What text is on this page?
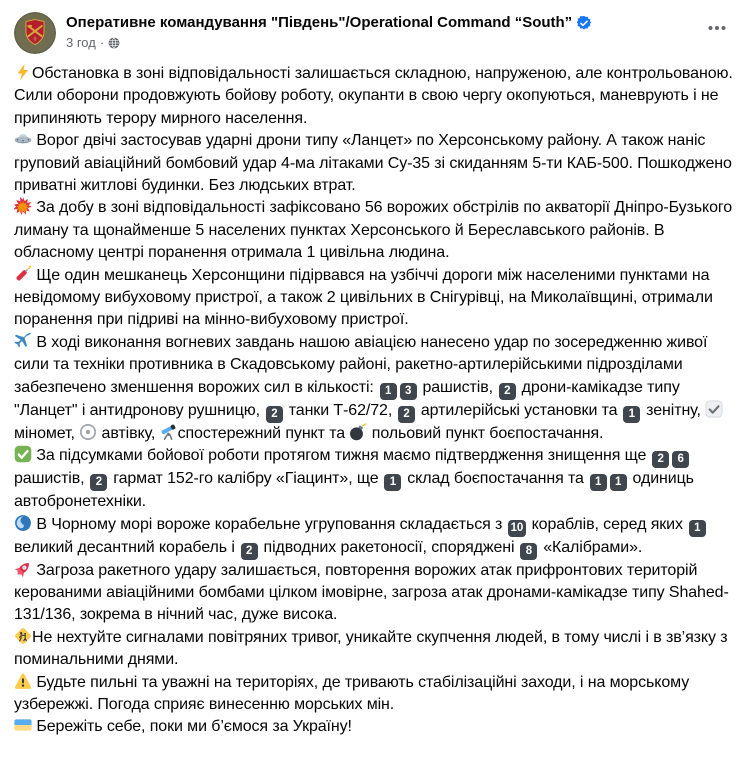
Оперативне командування "Південь"/Operational Command “South”
3 год ·

Обстановка в зоні відповідальності залишається складною, напруженою, але контрольованою. Сили оборони продовжують бойову роботу, окупанти в свою чергу окопуються, маневрують і не припиняють терору мирного населення.

Ворог двічі застосував ударні дрони типу «Ланцет» по Херсонському району. А також наніс груповий авіаційний бомбовий удар 4-ма літаками Су-35 зі скиданням 5-ти КАБ-500. Пошкоджено приватні житлові будинки. Без людських втрат.

За добу в зоні відповідальності зафіксовано 56 ворожих обстрілів по акваторії Дніпро-Бузького лиману та щонайменше 5 населених пунктах Херсонського й Береславського районів. В обласному центрі поранення отримала 1 цивільна людина.

Ще один мешканець Херсонщини підірвався на узбіччі дороги між населеними пунктами на невідомому вибуховому пристрої, а також 2 цивільних в Снігурівці, на Миколаївщині, отримали поранення при підриві на мінно-вибуховому пристрої.

В ході виконання вогневих завдань нашою авіацією нанесено удар по зосередженню живої сили та техніки противника в Скадовському районі, ракетно-артилерійськими підрозділами забезпечено зменшення ворожих сил в кількості: 1 3 рашистів, 2 дрони-камікадзе типу "Ланцет" і антидронову рушницю, 2 танки Т-62/72, 2 артилерійські установки та 1 зенітну,
міномет,
автівку,
спостережний пункт та
польовий пункт боєпостачання.

За підсумками бойової роботи протягом тижня маємо підтвердження знищення ще 2 6 рашистів, 2 гармат 152-го калібру «Гіацинт», ще 1 склад боєпостачання та 1 1 одиниць автобронетехніки.

В Чорному морі вороже корабельне угруповання складається з 10 кораблів, серед яких 1 великий десантний корабель і 2 підводних ракетоносії, споряджені 8 «Калібрами».

Загроза ракетного удару залишається, повторення ворожих атак прифронтових територій керованими авіаційними бомбами цілком імовірне, загроза атак дронами-камікадзе типу Shahed-131/136, зокрема в нічний час, дуже висока.

Не нехтуйте сигналами повітряних тривог, уникайте скупчення людей, в тому числі і в зв’язку з поминальними днями.

Будьте пильні та уважні на територіях, де тривають стабілізаційні заходи, і на морському узбережжі. Погода сприяє винесенню морських мін.

Бережіть себе, поки ми б’ємося за Україну!
